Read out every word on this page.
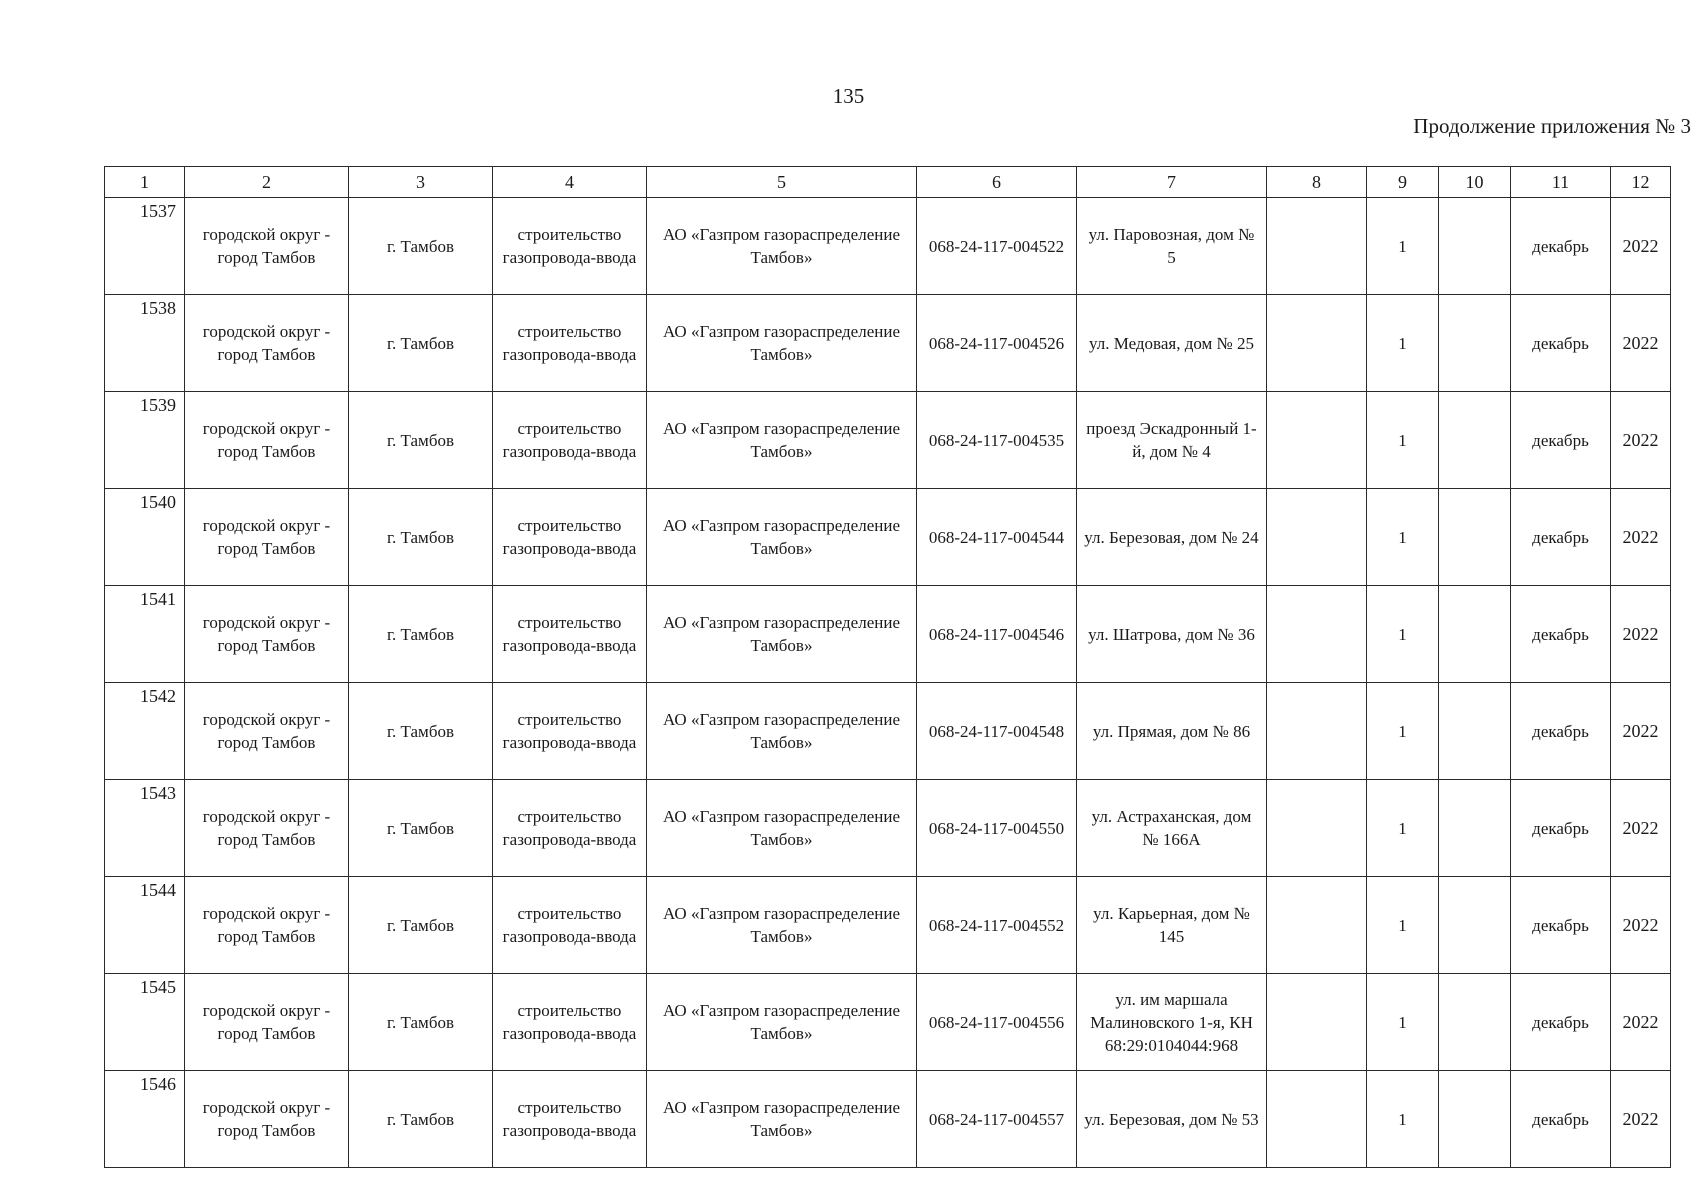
135
Продолжение приложения № 3
1	2	3	4	5	6	7	8	9	10	11	12
1537	городской округ - город Тамбов	г. Тамбов	строительство газопровода-ввода	АО «Газпром газораспределение Тамбов»	068-24-117-004522	ул. Паровозная, дом № 5		1		декабрь	2022
1538	городской округ - город Тамбов	г. Тамбов	строительство газопровода-ввода	АО «Газпром газораспределение Тамбов»	068-24-117-004526	ул. Медовая, дом № 25		1		декабрь	2022
1539	городской округ - город Тамбов	г. Тамбов	строительство газопровода-ввода	АО «Газпром газораспределение Тамбов»	068-24-117-004535	проезд Эскадронный 1-й, дом № 4		1		декабрь	2022
1540	городской округ - город Тамбов	г. Тамбов	строительство газопровода-ввода	АО «Газпром газораспределение Тамбов»	068-24-117-004544	ул. Березовая, дом № 24		1		декабрь	2022
1541	городской округ - город Тамбов	г. Тамбов	строительство газопровода-ввода	АО «Газпром газораспределение Тамбов»	068-24-117-004546	ул. Шатрова, дом № 36		1		декабрь	2022
1542	городской округ - город Тамбов	г. Тамбов	строительство газопровода-ввода	АО «Газпром газораспределение Тамбов»	068-24-117-004548	ул. Прямая, дом № 86		1		декабрь	2022
1543	городской округ - город Тамбов	г. Тамбов	строительство газопровода-ввода	АО «Газпром газораспределение Тамбов»	068-24-117-004550	ул. Астраханская, дом № 166А		1		декабрь	2022
1544	городской округ - город Тамбов	г. Тамбов	строительство газопровода-ввода	АО «Газпром газораспределение Тамбов»	068-24-117-004552	ул. Карьерная, дом № 145		1		декабрь	2022
1545	городской округ - город Тамбов	г. Тамбов	строительство газопровода-ввода	АО «Газпром газораспределение Тамбов»	068-24-117-004556	ул. им маршала Малиновского 1-я, КН 68:29:0104044:968		1		декабрь	2022
1546	городской округ - город Тамбов	г. Тамбов	строительство газопровода-ввода	АО «Газпром газораспределение Тамбов»	068-24-117-004557	ул. Березовая, дом № 53		1		декабрь	2022
